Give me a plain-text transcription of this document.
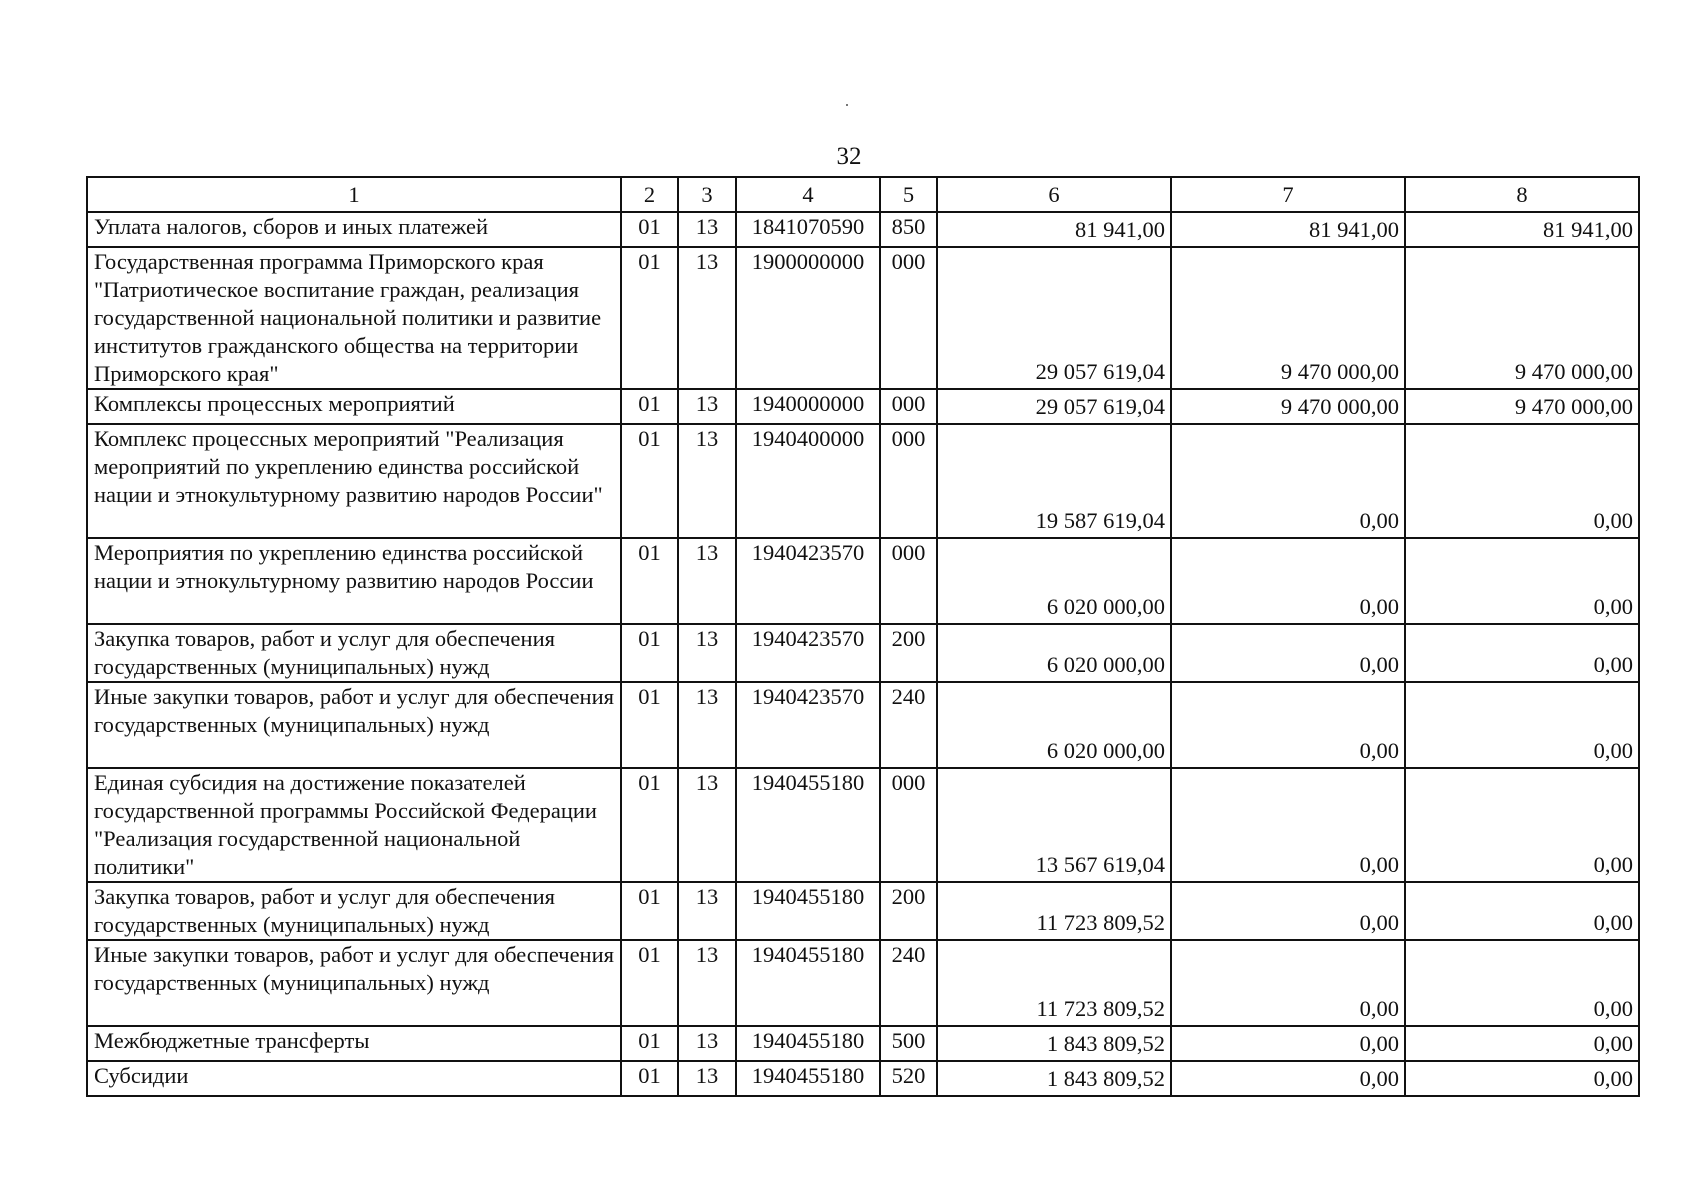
32
1	2	3	4	5	6	7	8
Уплата налогов, сборов и иных платежей	01	13	1841070590	850	81 941,00	81 941,00	81 941,00
Государственная программа Приморского края "Патриотическое воспитание граждан, реализация государственной национальной политики и развитие институтов гражданского общества на территории Приморского края"	01	13	1900000000	000	29 057 619,04	9 470 000,00	9 470 000,00
Комплексы процессных мероприятий	01	13	1940000000	000	29 057 619,04	9 470 000,00	9 470 000,00
Комплекс процессных мероприятий "Реализация мероприятий по укреплению единства российской нации и этнокультурному развитию народов России"	01	13	1940400000	000	19 587 619,04	0,00	0,00
Мероприятия по укреплению единства российской нации и этнокультурному развитию народов России	01	13	1940423570	000	6 020 000,00	0,00	0,00
Закупка товаров, работ и услуг для обеспечения государственных (муниципальных) нужд	01	13	1940423570	200	6 020 000,00	0,00	0,00
Иные закупки товаров, работ и услуг для обеспечения государственных (муниципальных) нужд	01	13	1940423570	240	6 020 000,00	0,00	0,00
Единая субсидия на достижение показателей государственной программы Российской Федерации "Реализация государственной национальной политики"	01	13	1940455180	000	13 567 619,04	0,00	0,00
Закупка товаров, работ и услуг для обеспечения государственных (муниципальных) нужд	01	13	1940455180	200	11 723 809,52	0,00	0,00
Иные закупки товаров, работ и услуг для обеспечения государственных (муниципальных) нужд	01	13	1940455180	240	11 723 809,52	0,00	0,00
Межбюджетные трансферты	01	13	1940455180	500	1 843 809,52	0,00	0,00
Субсидии	01	13	1940455180	520	1 843 809,52	0,00	0,00
